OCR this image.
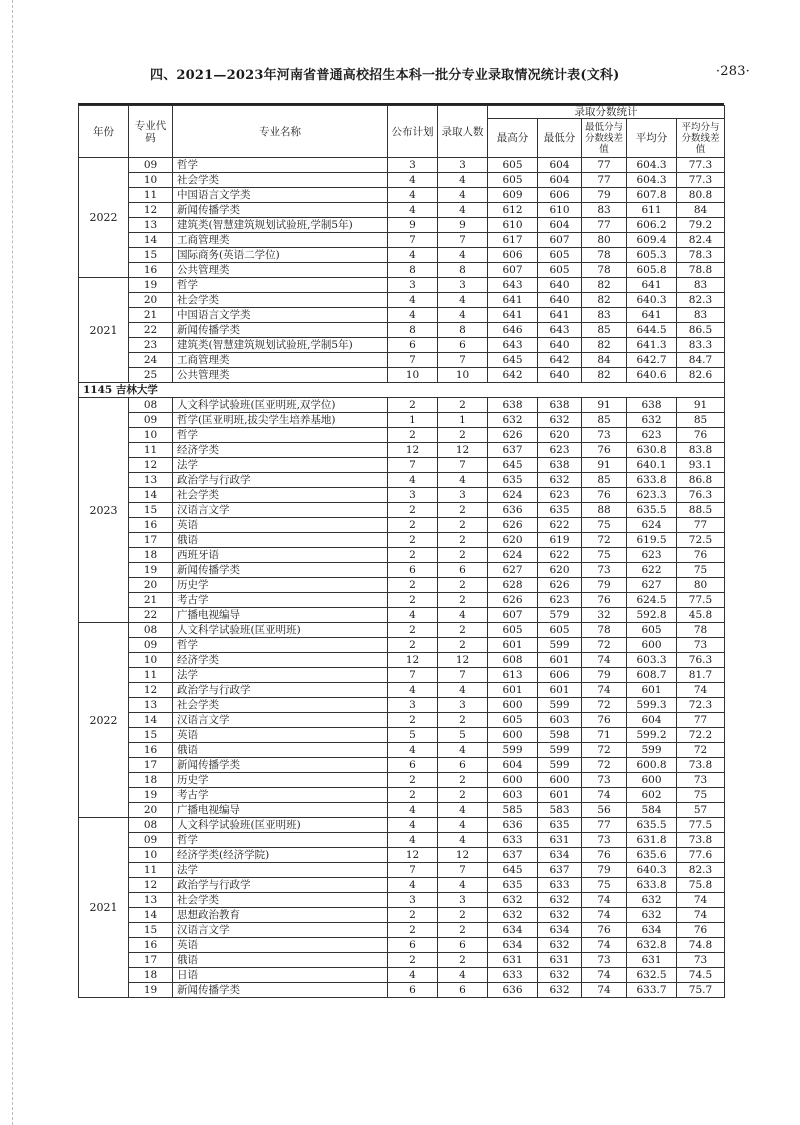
四、2021—2023年河南省普通高校招生本科一批分专业录取情况统计表(文科)	·283·
年份	专业代码	专业名称	公布计划	录取人数	录取分数统计				
					最高分	最低分	最低分与分数线差值	平均分	平均分与分数线差值
2022	09	哲学	3	3	605	604	77	604.3	77.3
	10	社会学类	4	4	605	604	77	604.3	77.3
	11	中国语言文学类	4	4	609	606	79	607.8	80.8
	12	新闻传播学类	4	4	612	610	83	611	84
	13	建筑类(智慧建筑规划试验班,学制5年)	9	9	610	604	77	606.2	79.2
	14	工商管理类	7	7	617	607	80	609.4	82.4
	15	国际商务(英语二学位)	4	4	606	605	78	605.3	78.3
	16	公共管理类	8	8	607	605	78	605.8	78.8
2021	19	哲学	3	3	643	640	82	641	83
	20	社会学类	4	4	641	640	82	640.3	82.3
	21	中国语言文学类	4	4	641	641	83	641	83
	22	新闻传播学类	8	8	646	643	85	644.5	86.5
	23	建筑类(智慧建筑规划试验班,学制5年)	6	6	643	640	82	641.3	83.3
	24	工商管理类	7	7	645	642	84	642.7	84.7
	25	公共管理类	10	10	642	640	82	640.6	82.6
1145 吉林大学									
2023	08	人文科学试验班(匡亚明班,双学位)	2	2	638	638	91	638	91
	09	哲学(匡亚明班,拔尖学生培养基地)	1	1	632	632	85	632	85
	10	哲学	2	2	626	620	73	623	76
	11	经济学类	12	12	637	623	76	630.8	83.8
	12	法学	7	7	645	638	91	640.1	93.1
	13	政治学与行政学	4	4	635	632	85	633.8	86.8
	14	社会学类	3	3	624	623	76	623.3	76.3
	15	汉语言文学	2	2	636	635	88	635.5	88.5
	16	英语	2	2	626	622	75	624	77
	17	俄语	2	2	620	619	72	619.5	72.5
	18	西班牙语	2	2	624	622	75	623	76
	19	新闻传播学类	6	6	627	620	73	622	75
	20	历史学	2	2	628	626	79	627	80
	21	考古学	2	2	626	623	76	624.5	77.5
	22	广播电视编导	4	4	607	579	32	592.8	45.8
2022	08	人文科学试验班(匡亚明班)	2	2	605	605	78	605	78
	09	哲学	2	2	601	599	72	600	73
	10	经济学类	12	12	608	601	74	603.3	76.3
	11	法学	7	7	613	606	79	608.7	81.7
	12	政治学与行政学	4	4	601	601	74	601	74
	13	社会学类	3	3	600	599	72	599.3	72.3
	14	汉语言文学	2	2	605	603	76	604	77
	15	英语	5	5	600	598	71	599.2	72.2
	16	俄语	4	4	599	599	72	599	72
	17	新闻传播学类	6	6	604	599	72	600.8	73.8
	18	历史学	2	2	600	600	73	600	73
	19	考古学	2	2	603	601	74	602	75
	20	广播电视编导	4	4	585	583	56	584	57
2021	08	人文科学试验班(匡亚明班)	4	4	636	635	77	635.5	77.5
	09	哲学	4	4	633	631	73	631.8	73.8
	10	经济学类(经济学院)	12	12	637	634	76	635.6	77.6
	11	法学	7	7	645	637	79	640.3	82.3
	12	政治学与行政学	4	4	635	633	75	633.8	75.8
	13	社会学类	3	3	632	632	74	632	74
	14	思想政治教育	2	2	632	632	74	632	74
	15	汉语言文学	2	2	634	634	76	634	76
	16	英语	6	6	634	632	74	632.8	74.8
	17	俄语	2	2	631	631	73	631	73
	18	日语	4	4	633	632	74	632.5	74.5
	19	新闻传播学类	6	6	636	632	74	633.7	75.7
